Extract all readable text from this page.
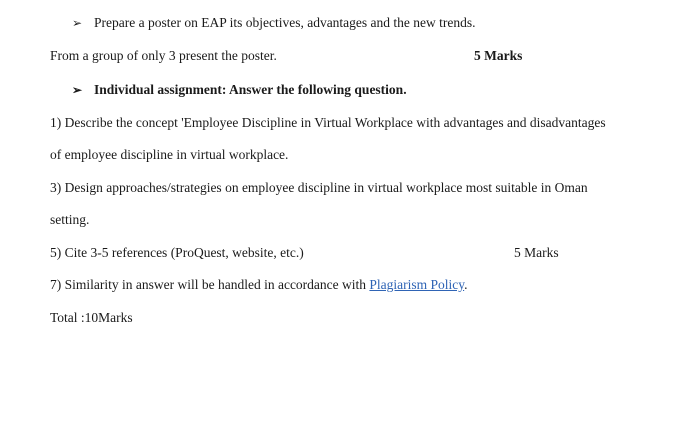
➢ Prepare a poster on EAP its objectives, advantages and the new trends.
From a group of only 3 present the poster.	5 Marks
➢ Individual assignment: Answer the following question.
1) Describe the concept 'Employee Discipline in Virtual Workplace with advantages and disadvantages
of employee discipline in virtual workplace.
3) Design approaches/strategies on employee discipline in virtual workplace most suitable in Oman
setting.
5) Cite 3-5 references (ProQuest, website, etc.)	5 Marks
7) Similarity in answer will be handled in accordance with Plagiarism Policy.
Total :10Marks
